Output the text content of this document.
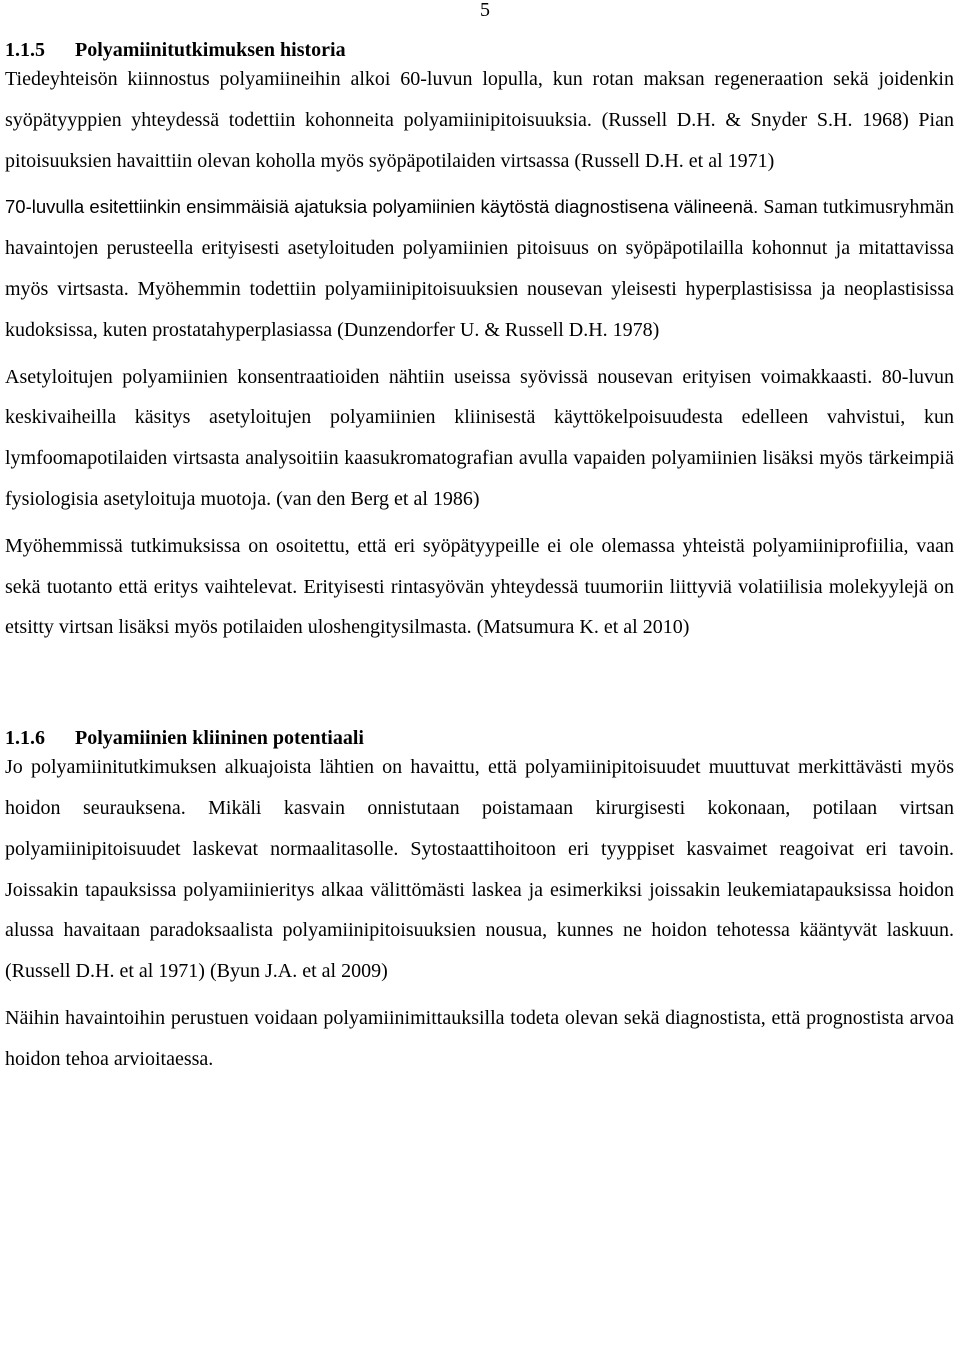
5
1.1.5 Polyamiinitutkimuksen historia

Tiedeyhteisön kiinnostus polyamiineihin alkoi 60-luvun lopulla, kun rotan maksan regeneraation sekä joidenkin syöpätyyppien yhteydessä todettiin kohonneita polyamiinipitoisuuksia. (Russell D.H. & Snyder S.H. 1968) Pian pitoisuuksien havaittiin olevan koholla myös syöpäpotilaiden virtsassa (Russell D.H. et al 1971)

70-luvulla esitettiinkin ensimmäisiä ajatuksia polyamiinien käytöstä diagnostisena välineenä. Saman tutkimusryhmän havaintojen perusteella erityisesti asetyloituden polyamiinien pitoisuus on syöpäpotilailla kohonnut ja mitattavissa myös virtsasta. Myöhemmin todettiin polyamiinipitoisuuksien nousevan yleisesti hyperplastisissa ja neoplastisissa kudoksissa, kuten prostatahyperplasiassa (Dunzendorfer U. & Russell D.H. 1978)

Asetyloitujen polyamiinien konsentraatioiden nähtiin useissa syövissä nousevan erityisen voimakkaasti. 80-luvun keskivaiheilla käsitys asetyloitujen polyamiinien kliinisestä käyttökelpoisuudesta edelleen vahvistui, kun lymfoomapotilaiden virtsasta analysoitiin kaasukromatografian avulla vapaiden polyamiinien lisäksi myös tärkeimpiä fysiologisia asetyloituja muotoja. (van den Berg et al 1986)

Myöhemmissä tutkimuksissa on osoitettu, että eri syöpätyypeille ei ole olemassa yhteistä polyamiiniprofiilia, vaan sekä tuotanto että eritys vaihtelevat. Erityisesti rintasyövän yhteydessä tuumoriin liittyviä volatiilisia molekyylejä on etsitty virtsan lisäksi myös potilaiden uloshengitysilmasta. (Matsumura K. et al 2010)

1.1.6 Polyamiinien kliininen potentiaali

Jo polyamiinitutkimuksen alkuajoista lähtien on havaittu, että polyamiinipitoisuudet muuttuvat merkittävästi myös hoidon seurauksena. Mikäli kasvain onnistutaan poistamaan kirurgisesti kokonaan, potilaan virtsan polyamiinipitoisuudet laskevat normaalitasolle. Sytostaattihoitoon eri tyyppiset kasvaimet reagoivat eri tavoin. Joissakin tapauksissa polyamiinieritys alkaa välittömästi laskea ja esimerkiksi joissakin leukemiatapauksissa hoidon alussa havaitaan paradoksaalista polyamiinipitoisuuksien nousua, kunnes ne hoidon tehotessa kääntyvät laskuun. (Russell D.H. et al 1971) (Byun J.A. et al 2009)

Näihin havaintoihin perustuen voidaan polyamiinimittauksilla todeta olevan sekä diagnostista, että prognostista arvoa hoidon tehoa arvioitaessa.
